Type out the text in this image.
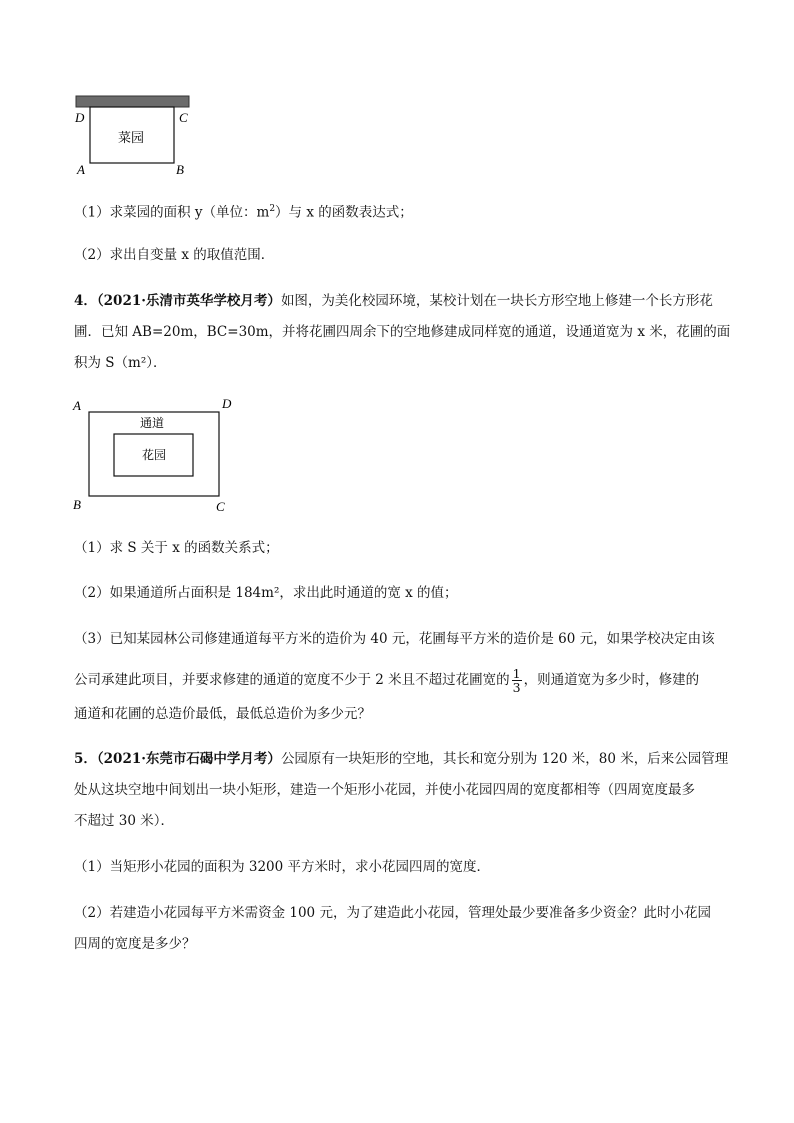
D	C
A	B
菜园
（1）求菜园的面积 y（单位：$m^2$）与 x 的函数表达式；
（2）求出自变量 x 的取值范围．
4．（2021·乐清市英华学校月考）如图，为美化校园环境，某校计划在一块长方形空地上修建一个长方形花
圃．已知 AB=20m，BC=30m，并将花圃四周余下的空地修建成同样宽的通道，设通道宽为 x 米，花圃的面
积为 S（m²）．
A	D
B	C
通道
花园
（1）求 S 关于 x 的函数关系式；
（2）如果通道所占面积是 184m²，求出此时通道的宽 x 的值；
（3）已知某园林公司修建通道每平方米的造价为 40 元，花圃每平方米的造价是 60 元，如果学校决定由该
公司承建此项目，并要求修建的通道的宽度不少于 2 米且不超过花圃宽的 $\frac{1}{3}$ ，则通道宽为多少时，修建的
通道和花圃的总造价最低，最低总造价为多少元？
5．（2021·东莞市石碣中学月考）公园原有一块矩形的空地，其长和宽分别为 120 米，80 米，后来公园管理
处从这块空地中间划出一块小矩形，建造一个矩形小花园，并使小花园四周的宽度都相等（四周宽度最多
不超过 30 米）．
（1）当矩形小花园的面积为 3200 平方米时，求小花园四周的宽度．
（2）若建造小花园每平方米需资金 100 元，为了建造此小花园，管理处最少要准备多少资金？此时小花园
四周的宽度是多少？
